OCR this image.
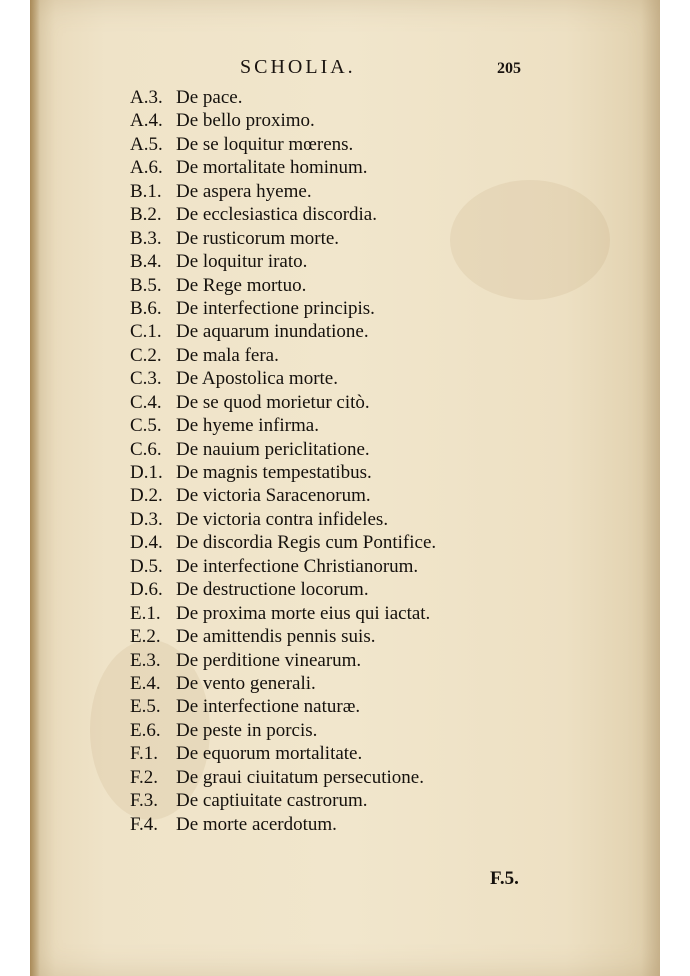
SCHOLIA.	205
A.3. De pace.
A.4. De bello proximo.
A.5. De se loquitur mœrens.
A.6. De mortalitate hominum.
B.1. De aspera hyeme.
B.2. De ecclesiastica discordia.
B.3. De rusticorum morte.
B.4. De loquitur irato.
B.5. De Rege mortuo.
B.6. De interfectione principis.
C.1. De aquarum inundatione.
C.2. De mala fera.
C.3. De Apostolica morte.
C.4. De se quod morietur citò.
C.5. De hyeme infirma.
C.6. De nauium periclitatione.
D.1. De magnis tempestatibus.
D.2. De victoria Saracenorum.
D.3. De victoria contra infideles.
D.4. De discordia Regis cum Pontifice.
D.5. De interfectione Christianorum.
D.6. De destructione locorum.
E.1. De proxima morte eius qui iactat.
E.2. De amittendis pennis suis.
E.3. De perditione vinearum.
E.4. De vento generali.
E.5. De interfectione naturæ.
E.6. De peste in porcis.
F.1. De equorum mortalitate.
F.2. De graui ciuitatum persecutione.
F.3. De captiuitate castrorum.
F.4. De morte acerdotum.
F.5.
